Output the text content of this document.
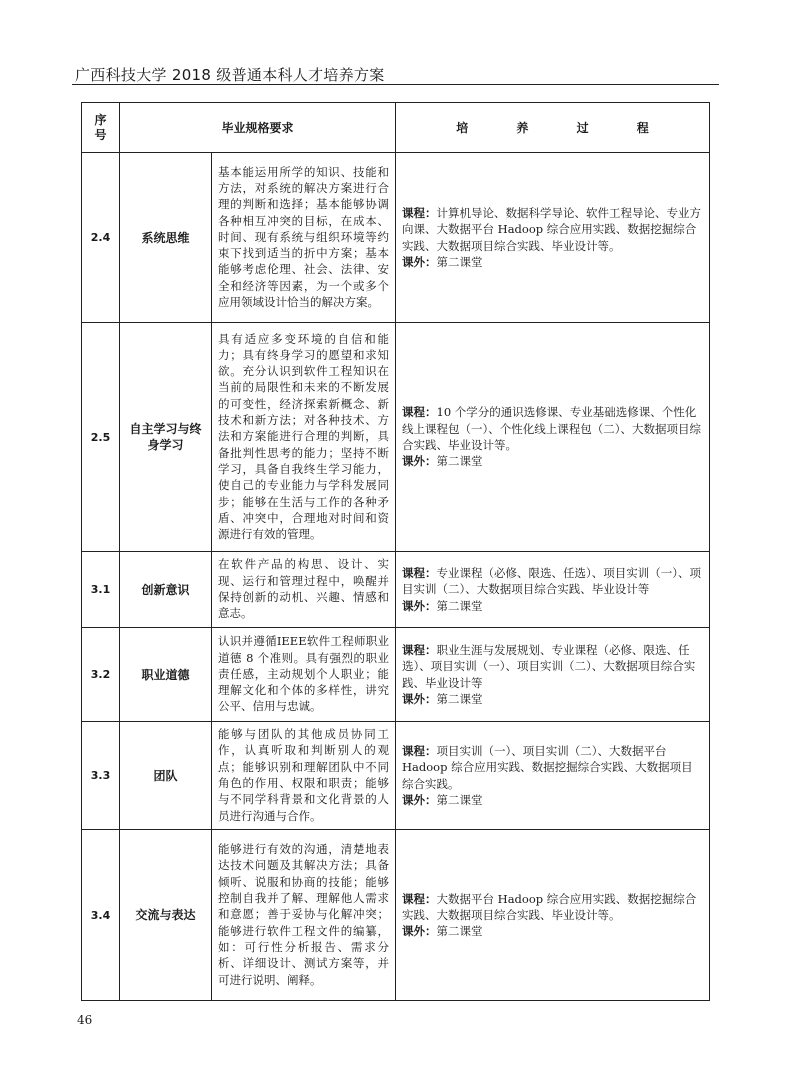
广西科技大学 2018 级普通本科人才培养方案
序
号	毕业规格要求		培 养 过 程
2.4	系统思维	基本能运用所学的知识、技能和方法，对系统的解决方案进行合理的判断和选择；基本能够协调各种相互冲突的目标，在成本、时间、现有系统与组织环境等约束下找到适当的折中方案；基本能够考虑伦理、社会、法律、安全和经济等因素，为一个或多个应用领域设计恰当的解决方案。	课程：计算机导论、数据科学导论、软件工程导论、专业方向课、大数据平台 Hadoop 综合应用实践、数据挖掘综合实践、大数据项目综合实践、毕业设计等。
课外：第二课堂

2.5	自主学习与终身学习	具有适应多变环境的自信和能力；具有终身学习的愿望和求知欲。充分认识到软件工程知识在当前的局限性和未来的不断发展的可变性，经济探索新概念、新技术和新方法；对各种技术、方法和方案能进行合理的判断，具备批判性思考的能力；坚持不断学习，具备自我终生学习能力，使自己的专业能力与学科发展同步；能够在生活与工作的各种矛盾、冲突中，合理地对时间和资源进行有效的管理。	课程：10 个学分的通识选修课、专业基础选修课、个性化线上课程包（一）、个性化线上课程包（二）、大数据项目综合实践、毕业设计等。
课外：第二课堂

3.1	创新意识	在软件产品的构思、设计、实现、运行和管理过程中，唤醒并保持创新的动机、兴趣、情感和意志。	课程：专业课程（必修、限选、任选）、项目实训（一）、项目实训（二）、大数据项目综合实践、毕业设计等
课外：第二课堂

3.2	职业道德	认识并遵循IEEE软件工程师职业道德 8 个准则。具有强烈的职业责任感，主动规划个人职业；能理解文化和个体的多样性，讲究公平、信用与忠诚。	课程：职业生涯与发展规划、专业课程（必修、限选、任选）、项目实训（一）、项目实训（二）、大数据项目综合实践、毕业设计等
课外：第二课堂

3.3	团队	能够与团队的其他成员协同工作，认真听取和判断别人的观点；能够识别和理解团队中不同角色的作用、权限和职责；能够与不同学科背景和文化背景的人员进行沟通与合作。	课程：项目实训（一）、项目实训（二）、大数据平台 Hadoop 综合应用实践、数据挖掘综合实践、大数据项目综合实践。
课外：第二课堂

3.4	交流与表达	能够进行有效的沟通，清楚地表达技术问题及其解决方法；具备倾听、说服和协商的技能；能够控制自我并了解、理解他人需求和意愿；善于妥协与化解冲突；能够进行软件工程文件的编纂，如：可行性分析报告、需求分析、详细设计、测试方案等，并可进行说明、阐释。	课程：大数据平台 Hadoop 综合应用实践、数据挖掘综合实践、大数据项目综合实践、毕业设计等。
课外：第二课堂
46
